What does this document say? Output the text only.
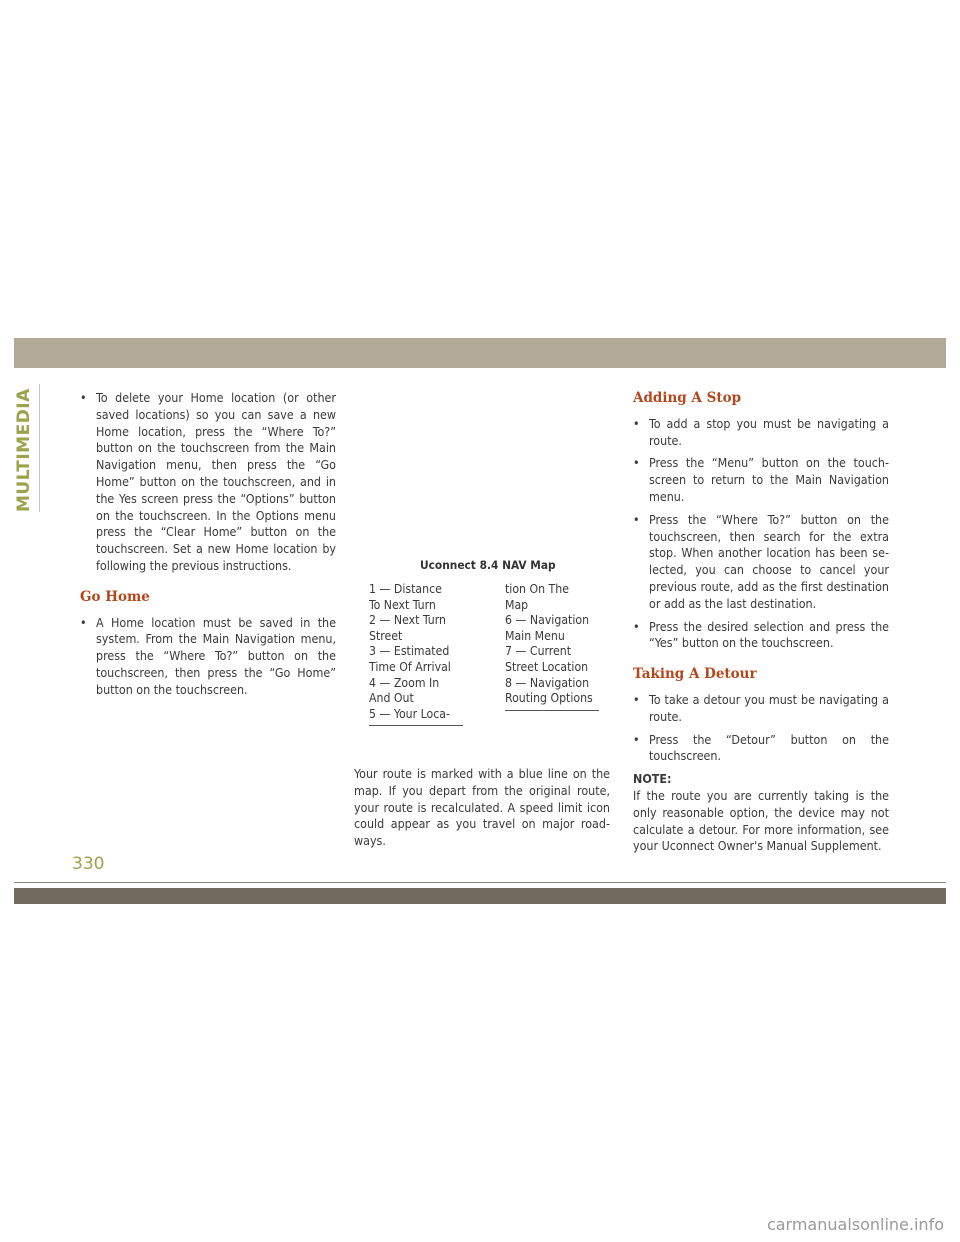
MULTIMEDIA
•	To delete your Home location (or other saved locations) so you can save a new Home location, press the “Where To?” button on the touchscreen from the Main Navigation menu, then press the “Go Home” button on the touchscreen, and in the Yes screen press the “Options” button on the touchscreen. In the Options menu press the “Clear Home” button on the touchscreen. Set a new Home location by following the previous instructions.
Go Home
• A Home location must be saved in the system. From the Main Navigation menu, press the “Where To?” button on the touchscreen, then press the “Go Home” button on the touchscreen.
Uconnect 8.4 NAV Map
1 — Distance
To Next Turn
2 — Next Turn
Street
3 — Estimated
Time Of Arrival
4 — Zoom In
And Out
5 — Your Loca-
tion On The
Map
6 — Navigation
Main Menu
7 — Current
Street Location
8 — Navigation
Routing Options
Your route is marked with a blue line on the map. If you depart from the original route, your route is recalculated. A speed limit icon could appear as you travel on major road-ways.
Adding A Stop
• To add a stop you must be navigating a route.
• Press the “Menu” button on the touch-screen to return to the Main Navigation menu.
• Press the “Where To?” button on the touchscreen, then search for the extra stop. When another location has been se-lected, you can choose to cancel your previous route, add as the first destination or add as the last destination.
• Press the desired selection and press the “Yes” button on the touchscreen.
Taking A Detour
• To take a detour you must be navigating a route.
• Press the “Detour” button on the touchscreen.
NOTE:
If the route you are currently taking is the only reasonable option, the device may not calculate a detour. For more information, see your Uconnect Owner's Manual Supplement.
330
carmanualsonline.info
